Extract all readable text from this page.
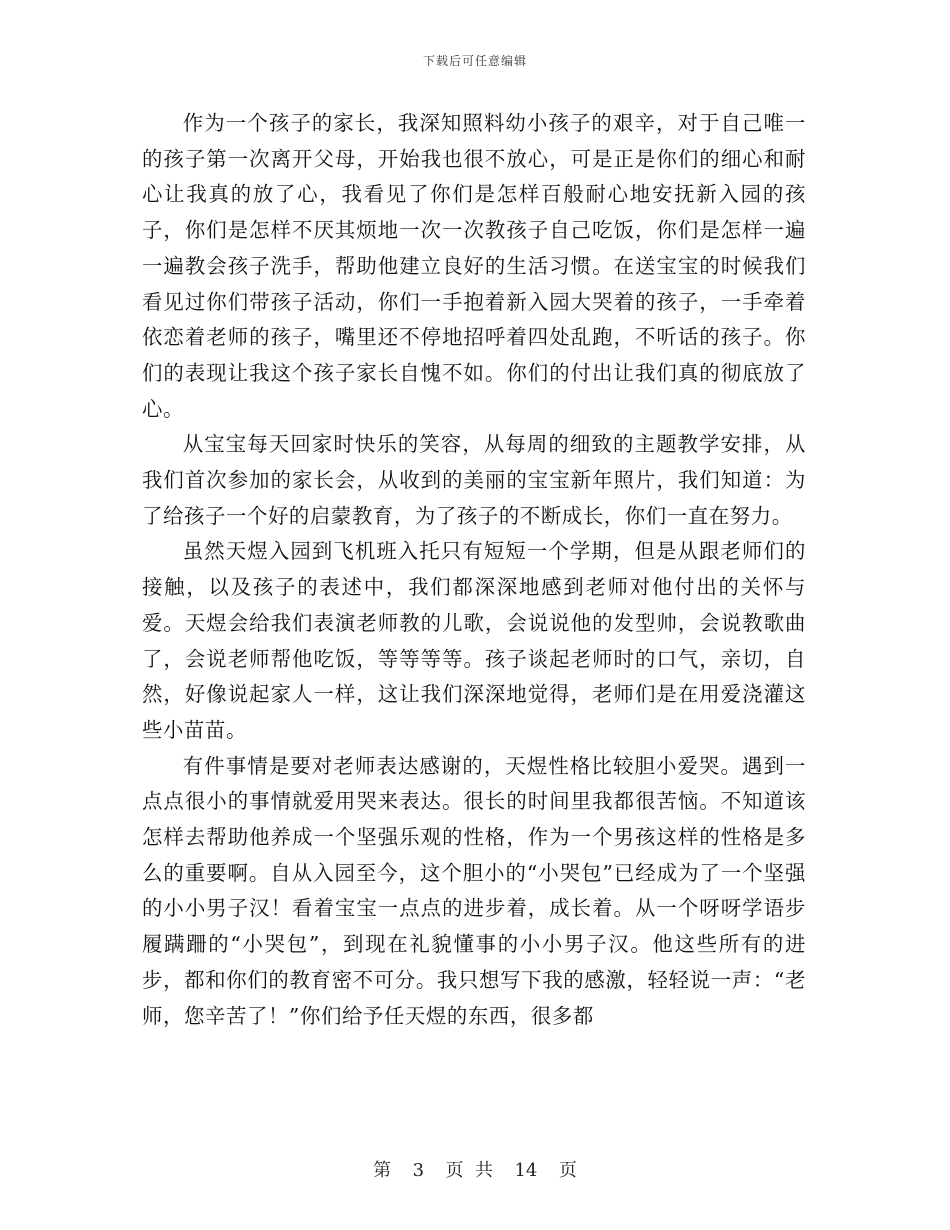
下载后可任意编辑

作为一个孩子的家长，我深知照料幼小孩子的艰辛，对于自己唯一的孩子第一次离开父母，开始我也很不放心，可是正是你们的细心和耐心让我真的放了心，我看见了你们是怎样百般耐心地安抚新入园的孩子，你们是怎样不厌其烦地一次一次教孩子自己吃饭，你们是怎样一遍一遍教会孩子洗手，帮助他建立良好的生活习惯。在送宝宝的时候我们看见过你们带孩子活动，你们一手抱着新入园大哭着的孩子，一手牵着依恋着老师的孩子，嘴里还不停地招呼着四处乱跑，不听话的孩子。你们的表现让我这个孩子家长自愧不如。你们的付出让我们真的彻底放了心。

从宝宝每天回家时快乐的笑容，从每周的细致的主题教学安排，从我们首次参加的家长会，从收到的美丽的宝宝新年照片，我们知道：为了给孩子一个好的启蒙教育，为了孩子的不断成长，你们一直在努力。

虽然天煜入园到飞机班入托只有短短一个学期，但是从跟老师们的接触，以及孩子的表述中，我们都深深地感到老师对他付出的关怀与爱。天煜会给我们表演老师教的儿歌，会说说他的发型帅，会说教歌曲了，会说老师帮他吃饭，等等等等。孩子谈起老师时的口气，亲切，自然，好像说起家人一样，这让我们深深地觉得，老师们是在用爱浇灌这些小苗苗。

有件事情是要对老师表达感谢的，天煜性格比较胆小爱哭。遇到一点点很小的事情就爱用哭来表达。很长的时间里我都很苦恼。不知道该怎样去帮助他养成一个坚强乐观的性格，作为一个男孩这样的性格是多么的重要啊。自从入园至今，这个胆小的“小哭包”已经成为了一个坚强的小小男子汉！看着宝宝一点点的进步着，成长着。从一个呀呀学语步履蹒跚的“小哭包”，到现在礼貌懂事的小小男子汉。他这些所有的进步，都和你们的教育密不可分。我只想写下我的感激，轻轻说一声：“老师，您辛苦了！”你们给予任天煜的东西，很多都

第 3 页  共 14 页
